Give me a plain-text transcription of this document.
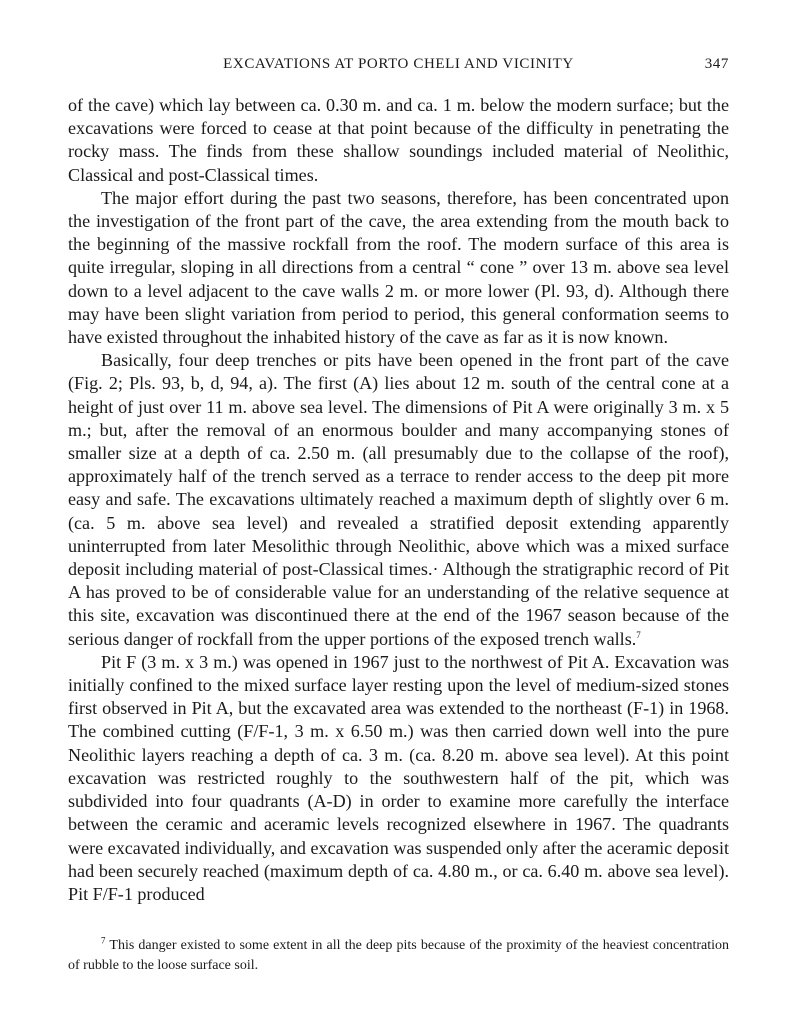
EXCAVATIONS AT PORTO CHELI AND VICINITY	347

of the cave) which lay between ca. 0.30 m. and ca. 1 m. below the modern surface; but the excavations were forced to cease at that point because of the difficulty in penetrating the rocky mass. The finds from these shallow soundings included material of Neolithic, Classical and post-Classical times.

The major effort during the past two seasons, therefore, has been concentrated upon the investigation of the front part of the cave, the area extending from the mouth back to the beginning of the massive rockfall from the roof. The modern surface of this area is quite irregular, sloping in all directions from a central “ cone ” over 13 m. above sea level down to a level adjacent to the cave walls 2 m. or more lower (Pl. 93, d). Although there may have been slight variation from period to period, this general conformation seems to have existed throughout the inhabited history of the cave as far as it is now known.

Basically, four deep trenches or pits have been opened in the front part of the cave (Fig. 2; Pls. 93, b, d, 94, a). The first (A) lies about 12 m. south of the central cone at a height of just over 11 m. above sea level. The dimensions of Pit A were originally 3 m. x 5 m.; but, after the removal of an enormous boulder and many accompanying stones of smaller size at a depth of ca. 2.50 m. (all presumably due to the collapse of the roof), approximately half of the trench served as a terrace to render access to the deep pit more easy and safe. The excavations ultimately reached a maximum depth of slightly over 6 m. (ca. 5 m. above sea level) and revealed a stratified deposit extending apparently uninterrupted from later Mesolithic through Neolithic, above which was a mixed surface deposit including material of post-Classical times.· Although the stratigraphic record of Pit A has proved to be of considerable value for an understanding of the relative sequence at this site, excavation was discontinued there at the end of the 1967 season because of the serious danger of rockfall from the upper portions of the exposed trench walls.$^7$

Pit F (3 m. x 3 m.) was opened in 1967 just to the northwest of Pit A. Excavation was initially confined to the mixed surface layer resting upon the level of medium-sized stones first observed in Pit A, but the excavated area was extended to the northeast (F-1) in 1968. The combined cutting (F/F-1, 3 m. x 6.50 m.) was then carried down well into the pure Neolithic layers reaching a depth of ca. 3 m. (ca. 8.20 m. above sea level). At this point excavation was restricted roughly to the southwestern half of the pit, which was subdivided into four quadrants (A-D) in order to examine more carefully the interface between the ceramic and aceramic levels recognized elsewhere in 1967. The quadrants were excavated individually, and excavation was suspended only after the aceramic deposit had been securely reached (maximum depth of ca. 4.80 m., or ca. 6.40 m. above sea level). Pit F/F-1 produced

$^7$ This danger existed to some extent in all the deep pits because of the proximity of the heaviest concentration of rubble to the loose surface soil.
